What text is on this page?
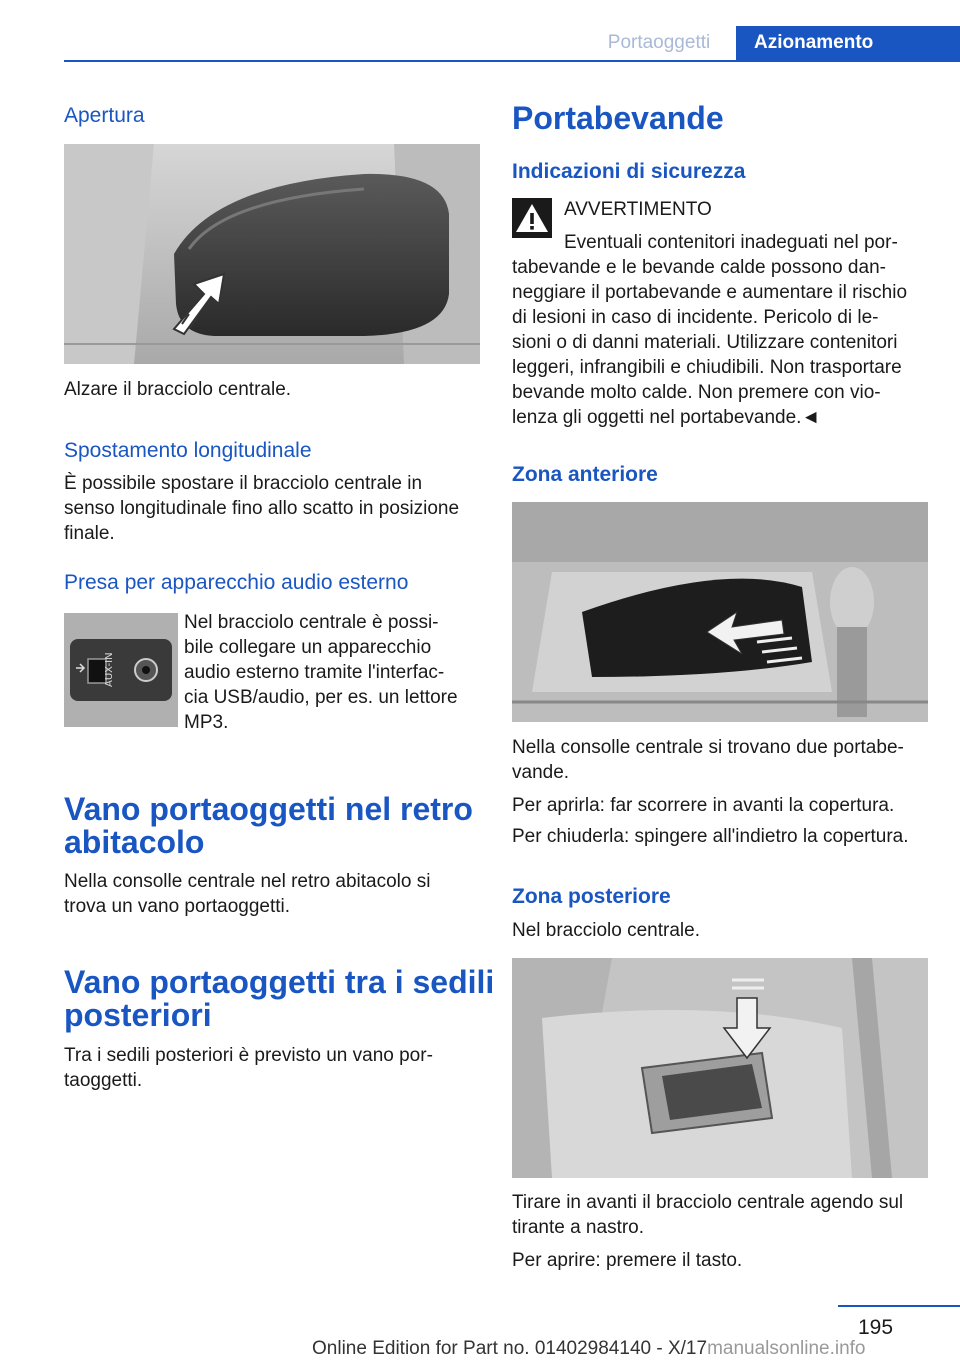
Portaoggetti	Azionamento
Apertura
Alzare il bracciolo centrale.
Spostamento longitudinale
È possibile spostare il bracciolo centrale in
senso longitudinale fino allo scatto in posizione
finale.
Presa per apparecchio audio esterno
AUX-IN
Nel bracciolo centrale è possi‐
bile collegare un apparecchio
audio esterno tramite l'interfac‐
cia USB/audio, per es. un lettore
MP3.
Vano portaoggetti nel retro
abitacolo
Nella consolle centrale nel retro abitacolo si
trova un vano portaoggetti.
Vano portaoggetti tra i sedili
posteriori
Tra i sedili posteriori è previsto un vano por‐
taoggetti.
Portabevande
Indicazioni di sicurezza
AVVERTIMENTO
Eventuali contenitori inadeguati nel por‐
tabevande e le bevande calde possono dan‐
neggiare il portabevande e aumentare il rischio
di lesioni in caso di incidente. Pericolo di le‐
sioni o di danni materiali. Utilizzare contenitori
leggeri, infrangibili e chiudibili. Non trasportare
bevande molto calde. Non premere con vio‐
lenza gli oggetti nel portabevande.◄
Zona anteriore
Nella consolle centrale si trovano due portabe‐
vande.
Per aprirla: far scorrere in avanti la copertura.
Per chiuderla: spingere all'indietro la copertura.
Zona posteriore
Nel bracciolo centrale.
Tirare in avanti il bracciolo centrale agendo sul
tirante a nastro.
Per aprire: premere il tasto.
195
Online Edition for Part no. 01402984140 - X/17manualsonline.info
